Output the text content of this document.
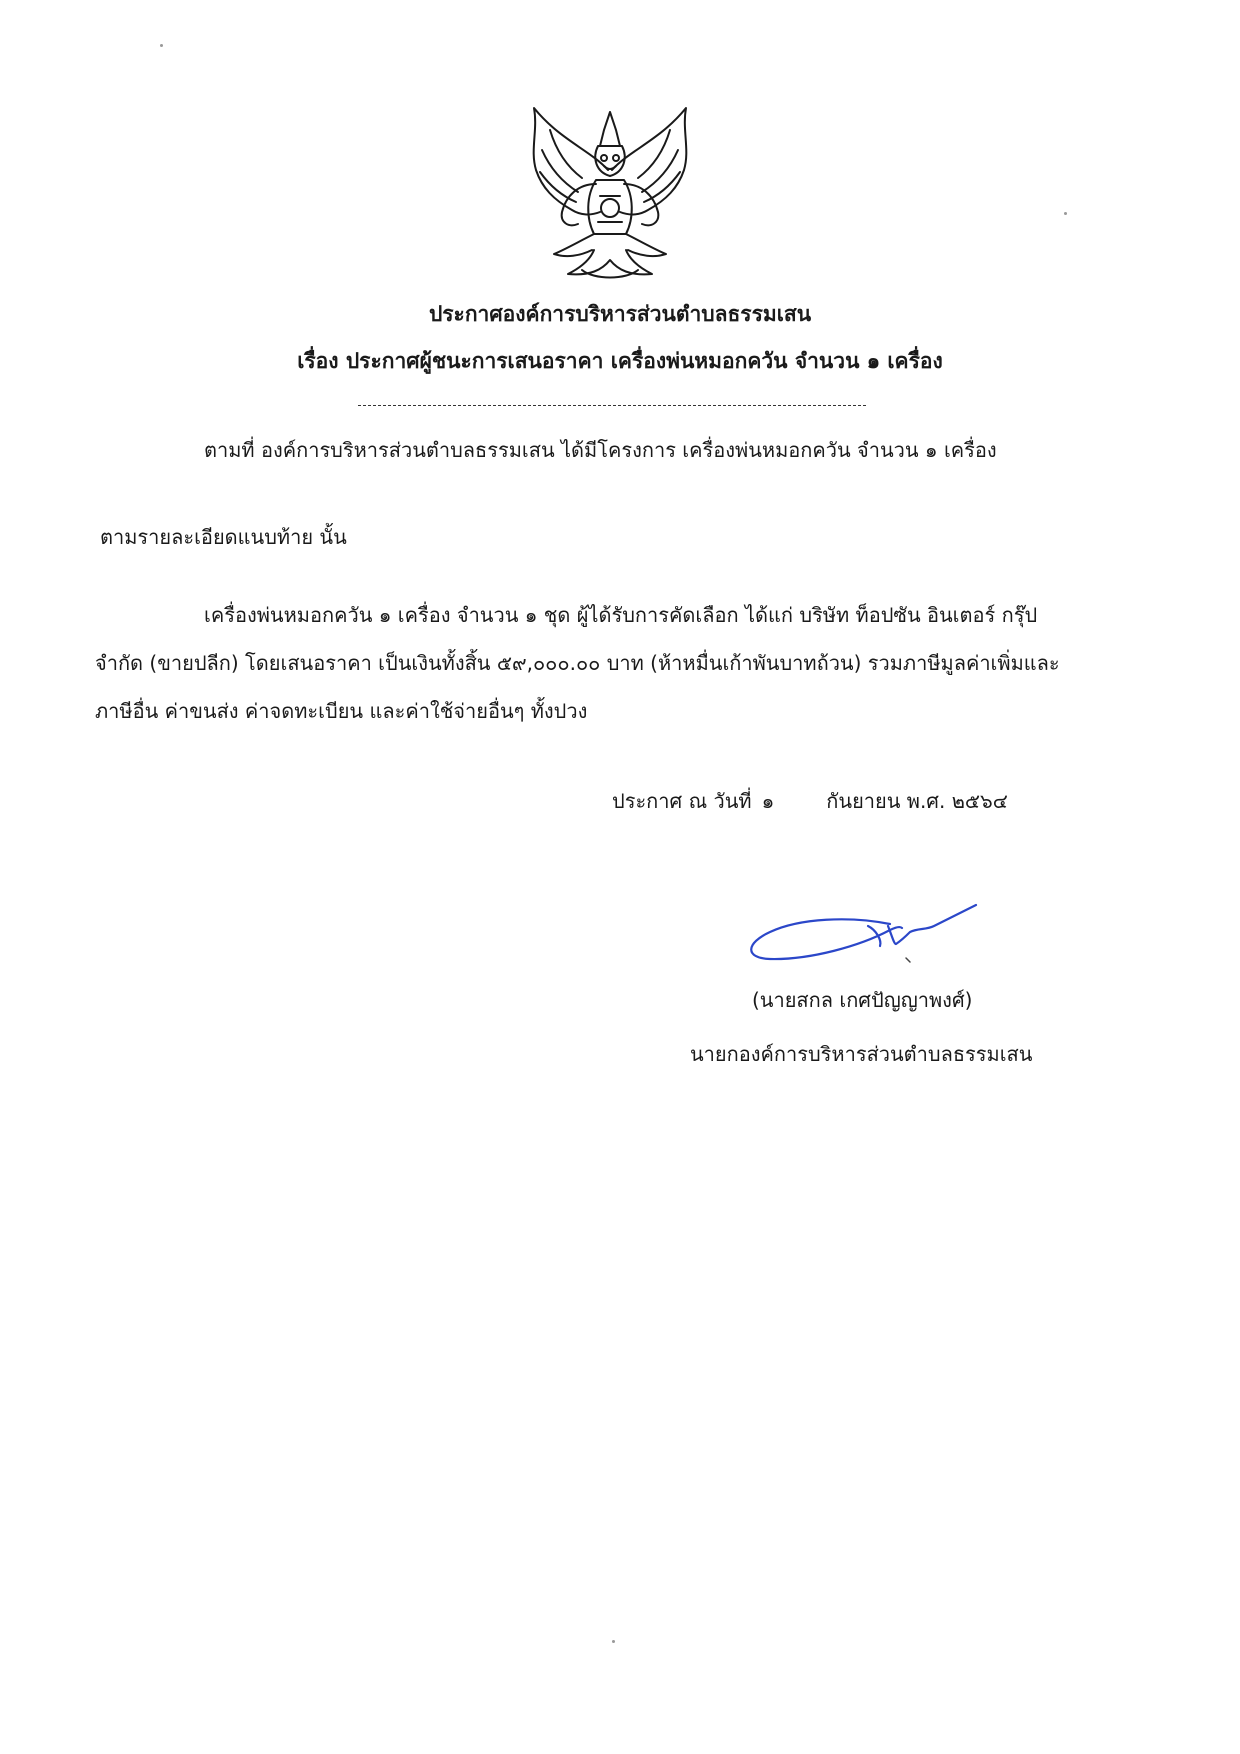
ประกาศองค์การบริหารส่วนตำบลธรรมเสน
เรื่อง ประกาศผู้ชนะการเสนอราคา เครื่องพ่นหมอกควัน จำนวน ๑ เครื่อง
ตามที่ องค์การบริหารส่วนตำบลธรรมเสน ได้มีโครงการ เครื่องพ่นหมอกควัน จำนวน ๑ เครื่อง
ตามรายละเอียดแนบท้าย นั้น
เครื่องพ่นหมอกควัน ๑ เครื่อง จำนวน ๑ ชุด ผู้ได้รับการคัดเลือก ได้แก่ บริษัท ท็อปซัน อินเตอร์ กรุ๊ป
จำกัด (ขายปลีก) โดยเสนอราคา เป็นเงินทั้งสิ้น ๕๙,๐๐๐.๐๐ บาท (ห้าหมื่นเก้าพันบาทถ้วน) รวมภาษีมูลค่าเพิ่มและ
ภาษีอื่น ค่าขนส่ง ค่าจดทะเบียน และค่าใช้จ่ายอื่นๆ ทั้งปวง
ประกาศ ณ วันที่ ๑	กันยายน พ.ศ. ๒๕๖๔
(นายสกล เกศปัญญาพงศ์)
นายกองค์การบริหารส่วนตำบลธรรมเสน
